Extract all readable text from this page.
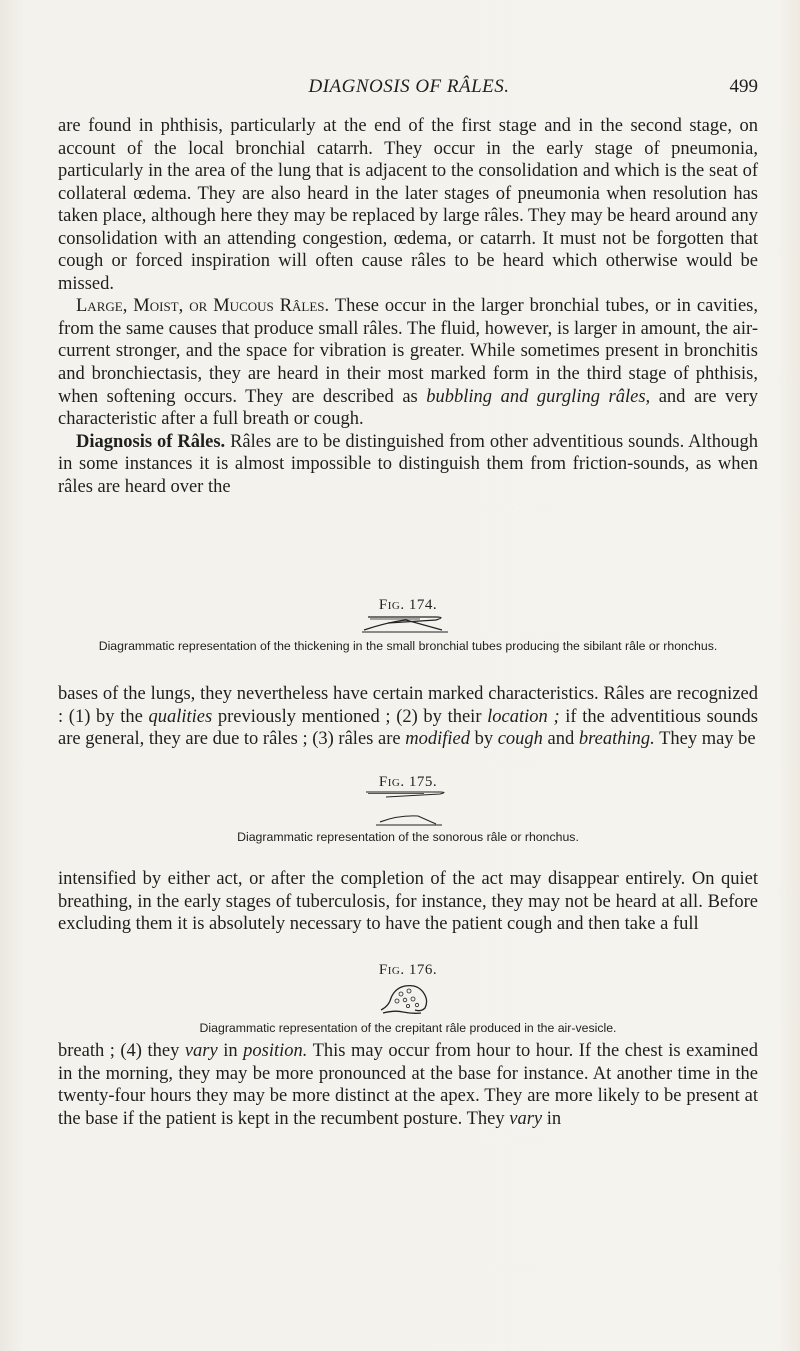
DIAGNOSIS OF RÂLES.	499

are found in phthisis, particularly at the end of the first stage and in the second stage, on account of the local bronchial catarrh. They occur in the early stage of pneumonia, particularly in the area of the lung that is adjacent to the consolidation and which is the seat of collateral œdema. They are also heard in the later stages of pneumonia when resolution has taken place, although here they may be replaced by large râles. They may be heard around any consolidation with an attending congestion, œdema, or catarrh. It must not be forgotten that cough or forced inspiration will often cause râles to be heard which otherwise would be missed.

Large, Moist, or Mucous Râles. These occur in the larger bronchial tubes, or in cavities, from the same causes that produce small râles. The fluid, however, is larger in amount, the air-current stronger, and the space for vibration is greater. While sometimes present in bronchitis and bronchiectasis, they are heard in their most marked form in the third stage of phthisis, when softening occurs. They are described as bubbling and gurgling râles, and are very characteristic after a full breath or cough.

Diagnosis of Râles. Râles are to be distinguished from other adventitious sounds. Although in some instances it is almost impossible to distinguish them from friction-sounds, as when râles are heard over the

Fig. 174.
Diagrammatic representation of the thickening in the small bronchial tubes producing the sibilant râle or rhonchus.

bases of the lungs, they nevertheless have certain marked characteristics. Râles are recognized : (1) by the qualities previously mentioned ; (2) by their location ; if the adventitious sounds are general, they are due to râles ; (3) râles are modified by cough and breathing. They may be

Fig. 175.
Diagrammatic representation of the sonorous râle or rhonchus.

intensified by either act, or after the completion of the act may disappear entirely. On quiet breathing, in the early stages of tuberculosis, for instance, they may not be heard at all. Before excluding them it is absolutely necessary to have the patient cough and then take a full

Fig. 176.
Diagrammatic representation of the crepitant râle produced in the air-vesicle.

breath ; (4) they vary in position. This may occur from hour to hour. If the chest is examined in the morning, they may be more pronounced at the base for instance. At another time in the twenty-four hours they may be more distinct at the apex. They are more likely to be present at the base if the patient is kept in the recumbent posture. They vary in
